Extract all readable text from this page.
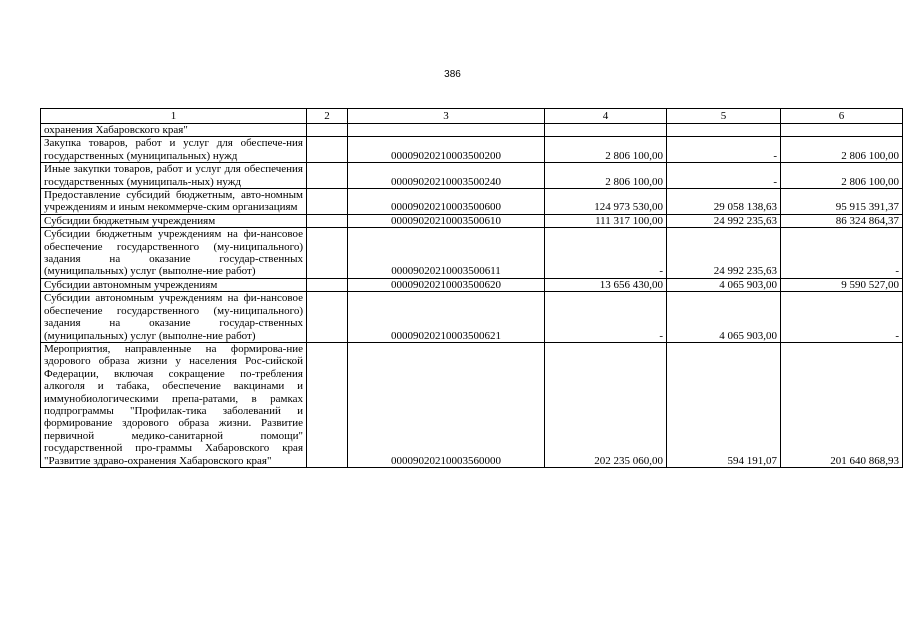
386
1	2	3	4	5	6
охранения Хабаровского края"					
Закупка товаров, работ и услуг для обеспече-ния государственных (муниципальных) нужд		00009020210003500200	2 806 100,00	-	2 806 100,00
Иные закупки товаров, работ и услуг для обеспечения государственных (муниципаль-ных) нужд		00009020210003500240	2 806 100,00	-	2 806 100,00
Предоставление субсидий бюджетным, авто-номным учреждениям и иным некоммерче-ским организациям		00009020210003500600	124 973 530,00	29 058 138,63	95 915 391,37
Субсидии бюджетным учреждениям		00009020210003500610	111 317 100,00	24 992 235,63	86 324 864,37
Субсидии бюджетным учреждениям на фи-нансовое обеспечение государственного (му-ниципального) задания на оказание государ-ственных (муниципальных) услуг (выполне-ние работ)		00009020210003500611	-	24 992 235,63	-
Субсидии автономным учреждениям		00009020210003500620	13 656 430,00	4 065 903,00	9 590 527,00
Субсидии автономным учреждениям на фи-нансовое обеспечение государственного (му-ниципального) задания на оказание государ-ственных (муниципальных) услуг (выполне-ние работ)		00009020210003500621	-	4 065 903,00	-
Мероприятия, направленные на формирова-ние здорового образа жизни у населения Рос-сийской Федерации, включая сокращение по-требления алкоголя и табака, обеспечение вакцинами и иммунобиологическими препа-ратами, в рамках подпрограммы "Профилак-тика заболеваний и формирование здорового образа жизни. Развитие первичной медико-санитарной помощи" государственной про-граммы Хабаровского края "Развитие здраво-охранения Хабаровского края"		00009020210003560000	202 235 060,00	594 191,07	201 640 868,93
